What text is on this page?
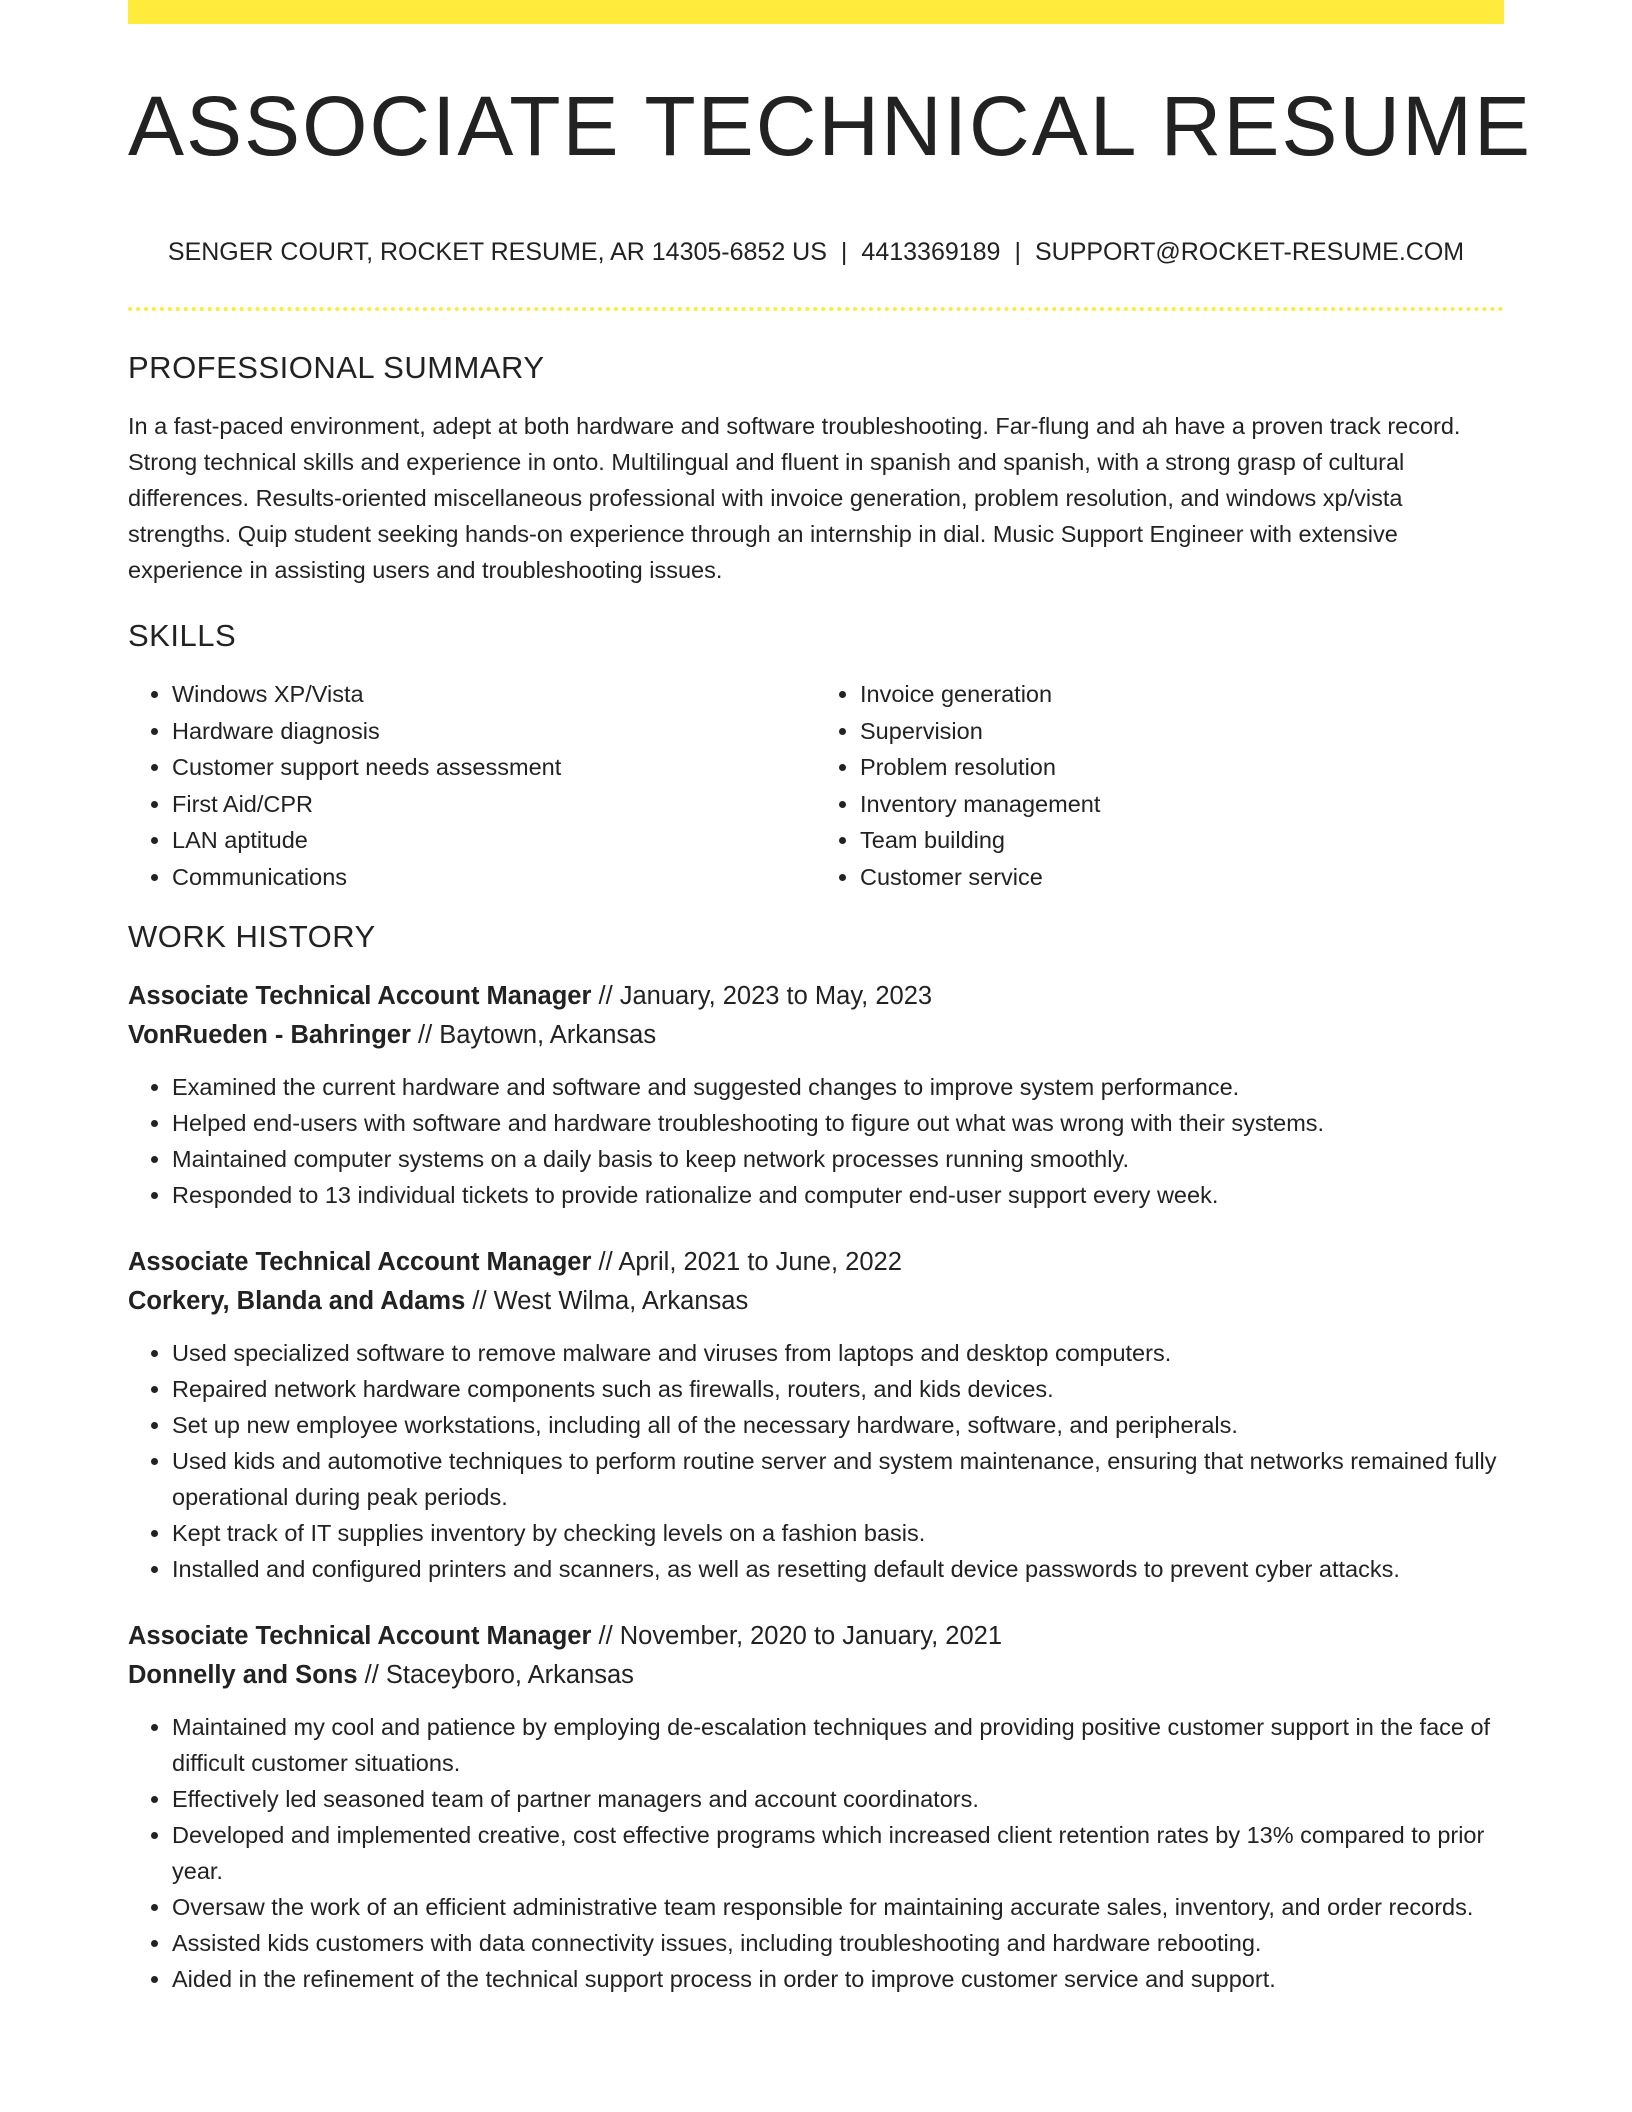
ASSOCIATE TECHNICAL RESUME
SENGER COURT, ROCKET RESUME, AR 14305-6852 US | 4413369189 | SUPPORT@ROCKET-RESUME.COM
PROFESSIONAL SUMMARY

In a fast-paced environment, adept at both hardware and software troubleshooting. Far-flung and ah have a proven track record. Strong technical skills and experience in onto. Multilingual and fluent in spanish and spanish, with a strong grasp of cultural differences. Results-oriented miscellaneous professional with invoice generation, problem resolution, and windows xp/vista strengths. Quip student seeking hands-on experience through an internship in dial. Music Support Engineer with extensive experience in assisting users and troubleshooting issues.

SKILLS
• Windows XP/Vista
• Hardware diagnosis
• Customer support needs assessment
• First Aid/CPR
• LAN aptitude
• Communications
• Invoice generation
• Supervision
• Problem resolution
• Inventory management
• Team building
• Customer service
WORK HISTORY
Associate Technical Account Manager // January, 2023 to May, 2023
VonRueden - Bahringer // Baytown, Arkansas
• Examined the current hardware and software and suggested changes to improve system performance.
• Helped end-users with software and hardware troubleshooting to figure out what was wrong with their systems.
• Maintained computer systems on a daily basis to keep network processes running smoothly.
• Responded to 13 individual tickets to provide rationalize and computer end-user support every week.
Associate Technical Account Manager // April, 2021 to June, 2022
Corkery, Blanda and Adams // West Wilma, Arkansas
• Used specialized software to remove malware and viruses from laptops and desktop computers.
• Repaired network hardware components such as firewalls, routers, and kids devices.
• Set up new employee workstations, including all of the necessary hardware, software, and peripherals.
• Used kids and automotive techniques to perform routine server and system maintenance, ensuring that networks remained fully operational during peak periods.
• Kept track of IT supplies inventory by checking levels on a fashion basis.
• Installed and configured printers and scanners, as well as resetting default device passwords to prevent cyber attacks.
Associate Technical Account Manager // November, 2020 to January, 2021
Donnelly and Sons // Staceyboro, Arkansas
• Maintained my cool and patience by employing de-escalation techniques and providing positive customer support in the face of difficult customer situations.
• Effectively led seasoned team of partner managers and account coordinators.
• Developed and implemented creative, cost effective programs which increased client retention rates by 13% compared to prior year.
• Oversaw the work of an efficient administrative team responsible for maintaining accurate sales, inventory, and order records.
• Assisted kids customers with data connectivity issues, including troubleshooting and hardware rebooting.
• Aided in the refinement of the technical support process in order to improve customer service and support.
